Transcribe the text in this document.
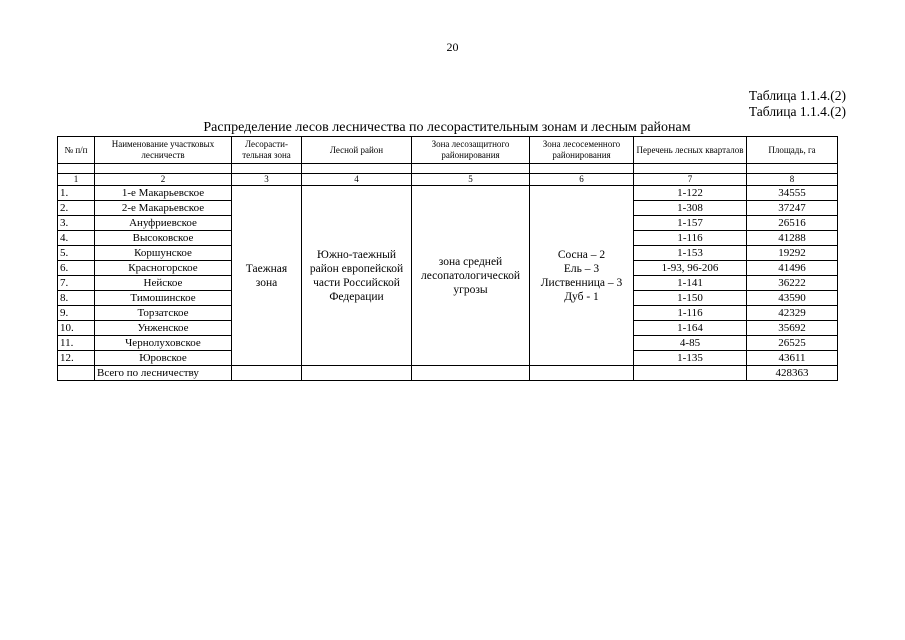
20
Таблица 1.1.4.(2)
Таблица 1.1.4.(2)
Распределение лесов лесничества по лесорастительным зонам и лесным районам
№ п/п	Наименование участковых лесничеств	Лесорасти-тельная зона	Лесной район	Зона лесозащитного районирования	Зона лесосеменного районирования	Перечень лесных кварталов	Площадь, га

1	2	3	4	5	6	7	8
1.	1-е Макарьевское	Таежная зона	Южно-таежный район европейской части Российской Федерации	зона средней лесопатологической угрозы	Сосна – 2
Ель – 3
Лиственница – 3
Дуб - 1	1-122	34555
2.	2-е Макарьевское					1-308	37247
3.	Ануфриевское					1-157	26516
4.	Высоковское					1-116	41288
5.	Коршунское					1-153	19292
6.	Красногорское					1-93, 96-206	41496
7.	Нейское					1-141	36222
8.	Тимошинское					1-150	43590
9.	Торзатское					1-116	42329
10.	Унженское					1-164	35692
11.	Чернолуховское					4-85	26525
12.	Юровское					1-135	43611
	Всего по лесничеству						428363
